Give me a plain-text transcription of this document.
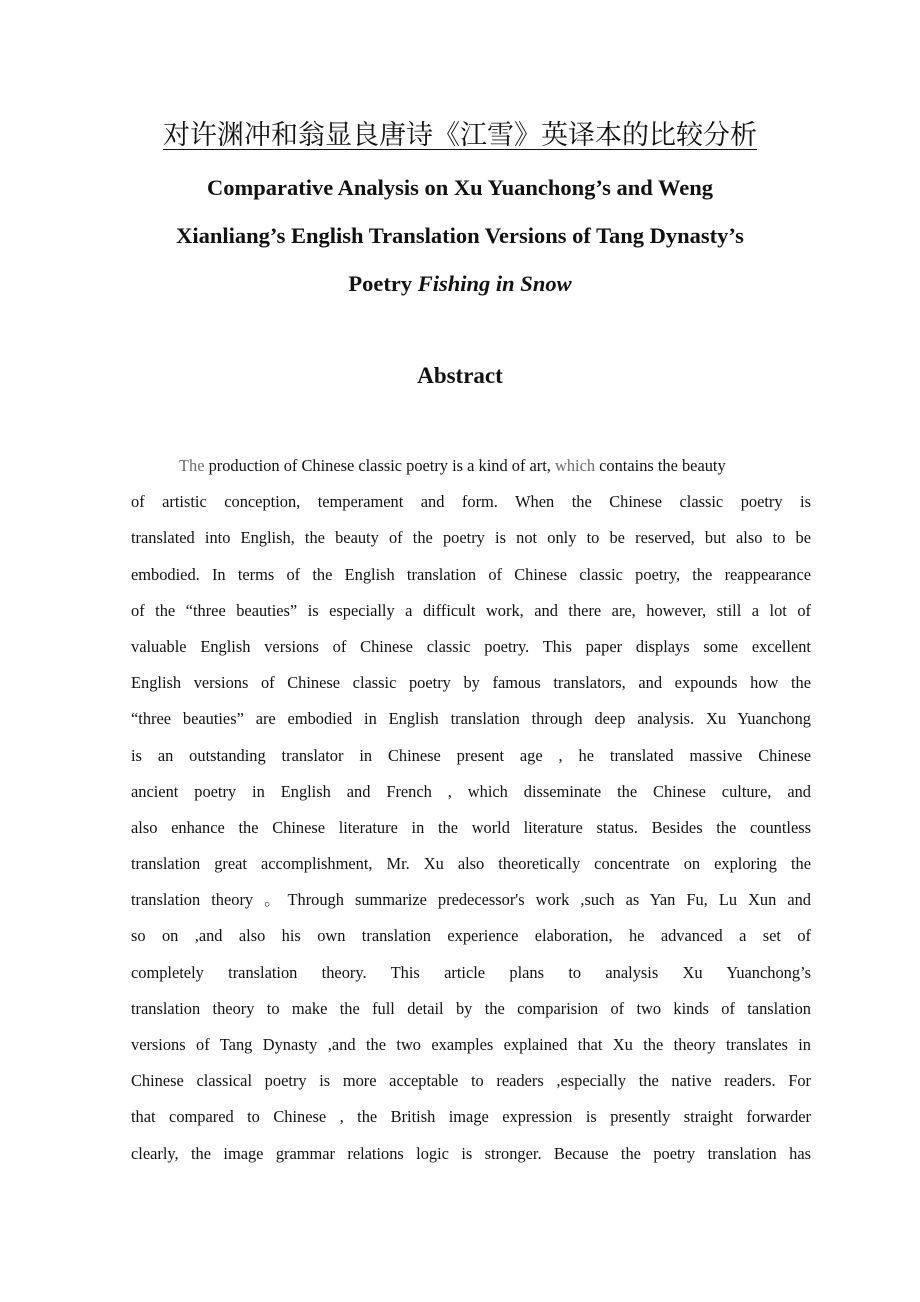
对许渊冲和翁显良唐诗《江雪》英译本的比较分析
Comparative Analysis on Xu Yuanchong’s and Weng
Xianliang’s English Translation Versions of Tang Dynasty’s
Poetry Fishing in Snow
Abstract
The production of Chinese classic poetry is a kind of art, which contains the beauty
of artistic conception, temperament and form. When the Chinese classic poetry is
translated into English, the beauty of the poetry is not only to be reserved, but also to be
embodied. In terms of the English translation of Chinese classic poetry, the reappearance
of the “three beauties” is especially a difficult work, and there are, however, still a lot of
valuable English versions of Chinese classic poetry. This paper displays some excellent
English versions of Chinese classic poetry by famous translators, and expounds how the
“three beauties” are embodied in English translation through deep analysis. Xu Yuanchong
is an outstanding translator in Chinese present age , he translated massive Chinese
ancient poetry in English and French , which disseminate the Chinese culture, and
also enhance the Chinese literature in the world literature status. Besides the countless
translation great accomplishment, Mr. Xu also theoretically concentrate on exploring the
translation theory 。Through summarize predecessor's work ,such as Yan Fu, Lu Xun and
so on ,and also his own translation experience elaboration, he advanced a set of
completely translation theory. This article plans to analysis Xu Yuanchong’s
translation theory to make the full detail by the comparision of two kinds of tanslation
versions of Tang Dynasty ,and the two examples explained that Xu the theory translates in
Chinese classical poetry is more acceptable to readers ,especially the native readers. For
that compared to Chinese , the British image expression is presently straight forwarder
clearly, the image grammar relations logic is stronger. Because the poetry translation has
